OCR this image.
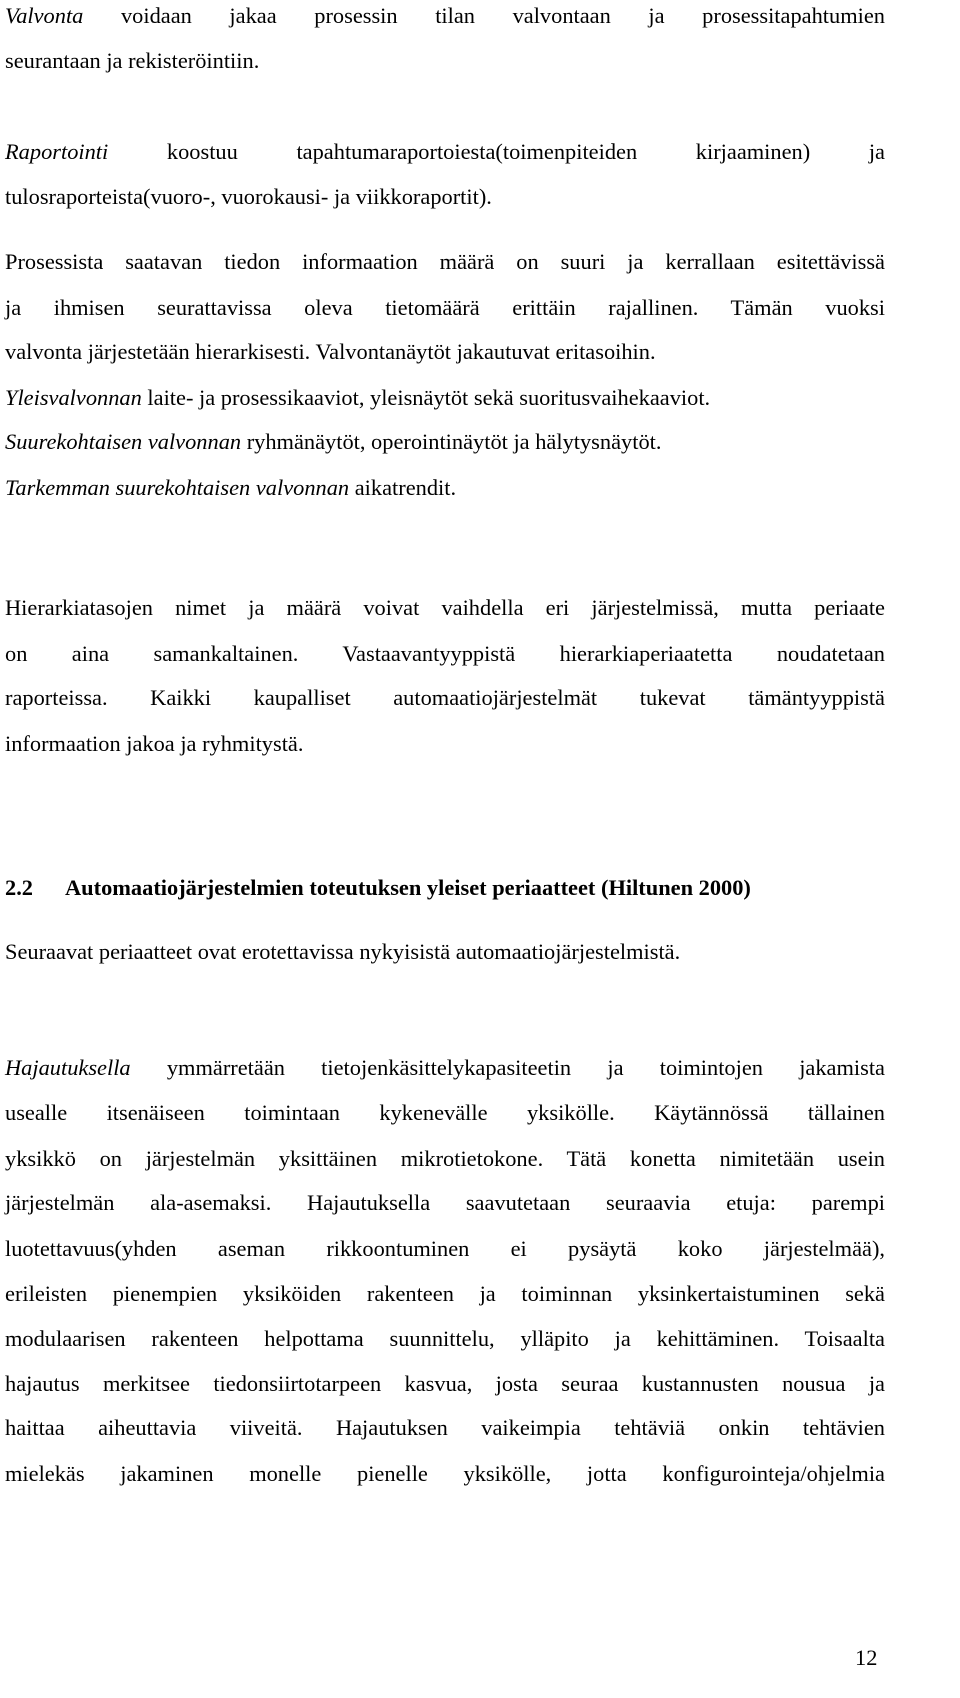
Valvonta voidaan jakaa prosessin tilan valvontaan ja prosessitapahtumien
seurantaan ja rekisteröintiin.
Raportointi koostuu tapahtumaraportoiesta(toimenpiteiden kirjaaminen) ja
tulosraporteista(vuoro-, vuorokausi- ja viikkoraportit).
Prosessista saatavan tiedon informaation määrä on suuri ja kerrallaan esitettävissä
ja ihmisen seurattavissa oleva tietomäärä erittäin rajallinen. Tämän vuoksi
valvonta järjestetään hierarkisesti. Valvontanäytöt jakautuvat eritasoihin.
Yleisvalvonnan laite- ja prosessikaaviot, yleisnäytöt sekä suoritusvaihekaaviot.
Suurekohtaisen valvonnan ryhmänäytöt, operointinäytöt ja hälytysnäytöt.
Tarkemman suurekohtaisen valvonnan aikatrendit.
Hierarkiatasojen nimet ja määrä voivat vaihdella eri järjestelmissä, mutta periaate
on aina samankaltainen. Vastaavantyyppistä hierarkiaperiaatetta noudatetaan
raporteissa. Kaikki kaupalliset automaatiojärjestelmät tukevat tämäntyyppistä
informaation jakoa ja ryhmitystä.
Seuraavat periaatteet ovat erotettavissa nykyisistä automaatiojärjestelmistä.
Hajautuksella ymmärretään tietojenkäsittelykapasiteetin ja toimintojen jakamista
usealle itsenäiseen toimintaan kykenevälle yksikölle. Käytännössä tällainen
yksikkö on järjestelmän yksittäinen mikrotietokone. Tätä konetta nimitetään usein
järjestelmän ala-asemaksi. Hajautuksella saavutetaan seuraavia etuja: parempi
luotettavuus(yhden aseman rikkoontuminen ei pysäytä koko järjestelmää),
erileisten pienempien yksiköiden rakenteen ja toiminnan yksinkertaistuminen sekä
modulaarisen rakenteen helpottama suunnittelu, ylläpito ja kehittäminen. Toisaalta
hajautus merkitsee tiedonsiirtotarpeen kasvua, josta seuraa kustannusten nousua ja
haittaa aiheuttavia viiveitä. Hajautuksen vaikeimpia tehtäviä onkin tehtävien
mielekäs jakaminen monelle pienelle yksikölle, jotta konfigurointeja/ohjelmia
2.2 Automaatiojärjestelmien toteutuksen yleiset periaatteet (Hiltunen 2000)
12
